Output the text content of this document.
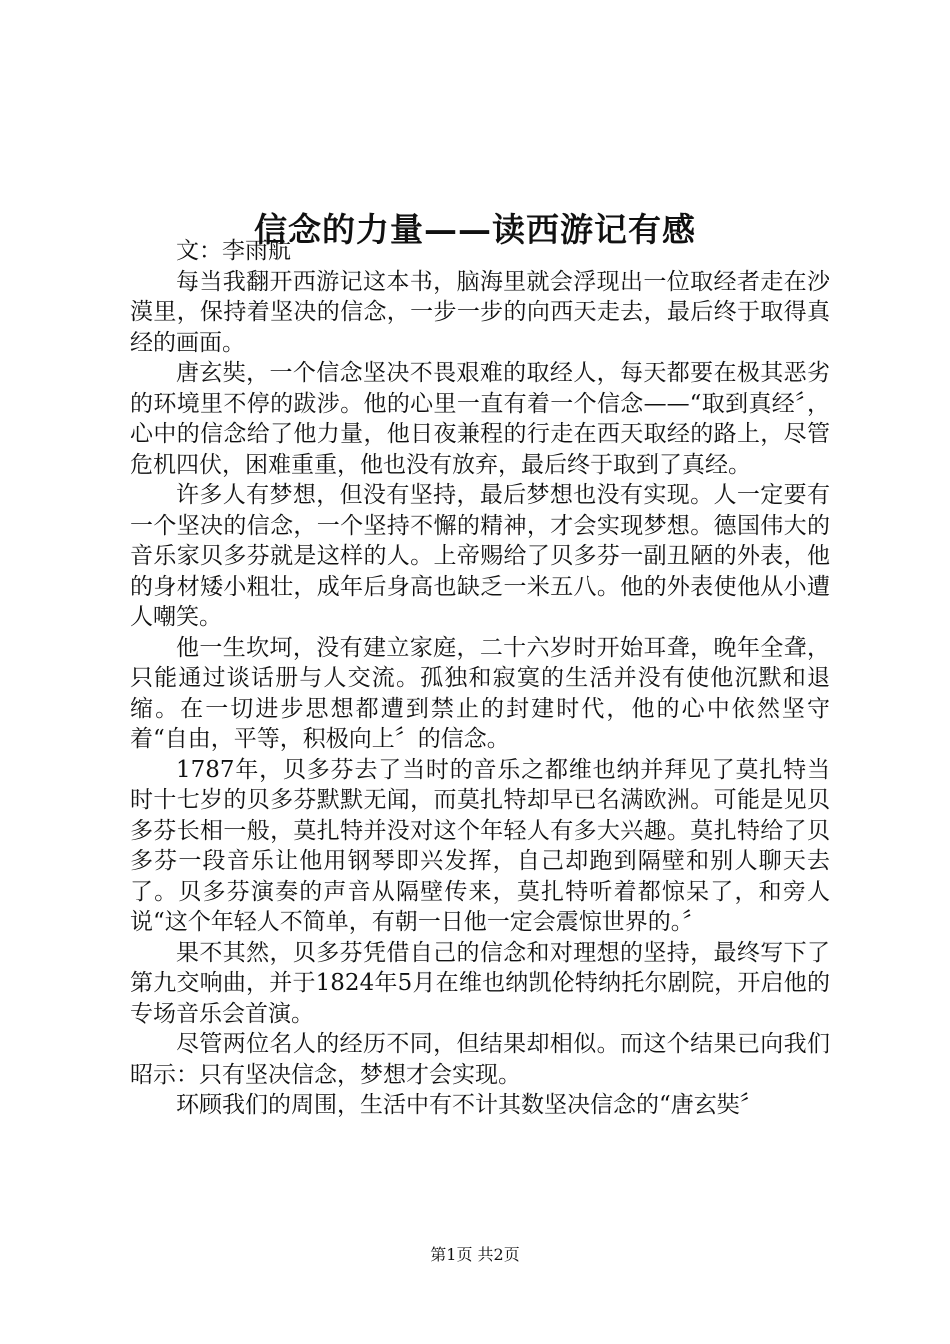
信念的力量——读西游记有感

文：李雨航

每当我翻开西游记这本书，脑海里就会浮现出一位取经者走在沙漠里，保持着坚决的信念，一步一步的向西天走去，最后终于取得真经的画面。

唐玄奘，一个信念坚决不畏艰难的取经人，每天都要在极其恶劣的环境里不停的跋涉。他的心里一直有着一个信念——“取到真经〞，心中的信念给了他力量，他日夜兼程的行走在西天取经的路上，尽管危机四伏，困难重重，他也没有放弃，最后终于取到了真经。

许多人有梦想，但没有坚持，最后梦想也没有实现。人一定要有一个坚决的信念，一个坚持不懈的精神，才会实现梦想。德国伟大的音乐家贝多芬就是这样的人。上帝赐给了贝多芬一副丑陋的外表，他的身材矮小粗壮，成年后身高也缺乏一米五八。他的外表使他从小遭人嘲笑。

他一生坎坷，没有建立家庭，二十六岁时开始耳聋，晚年全聋，只能通过谈话册与人交流。孤独和寂寞的生活并没有使他沉默和退缩。在一切进步思想都遭到禁止的封建时代，他的心中依然坚守着“自由，平等，积极向上〞的信念。

1787年，贝多芬去了当时的音乐之都维也纳并拜见了莫扎特当时十七岁的贝多芬默默无闻，而莫扎特却早已名满欧洲。可能是见贝多芬长相一般，莫扎特并没对这个年轻人有多大兴趣。莫扎特给了贝多芬一段音乐让他用钢琴即兴发挥，自己却跑到隔壁和别人聊天去了。贝多芬演奏的声音从隔壁传来，莫扎特听着都惊呆了，和旁人说“这个年轻人不简单，有朝一日他一定会震惊世界的。〞

果不其然，贝多芬凭借自己的信念和对理想的坚持，最终写下了第九交响曲，并于1824年5月在维也纳凯伦特纳托尔剧院，开启他的专场音乐会首演。

尽管两位名人的经历不同，但结果却相似。而这个结果已向我们昭示：只有坚决信念，梦想才会实现。

环顾我们的周围，生活中有不计其数坚决信念的“唐玄奘〞

第1页 共2页
